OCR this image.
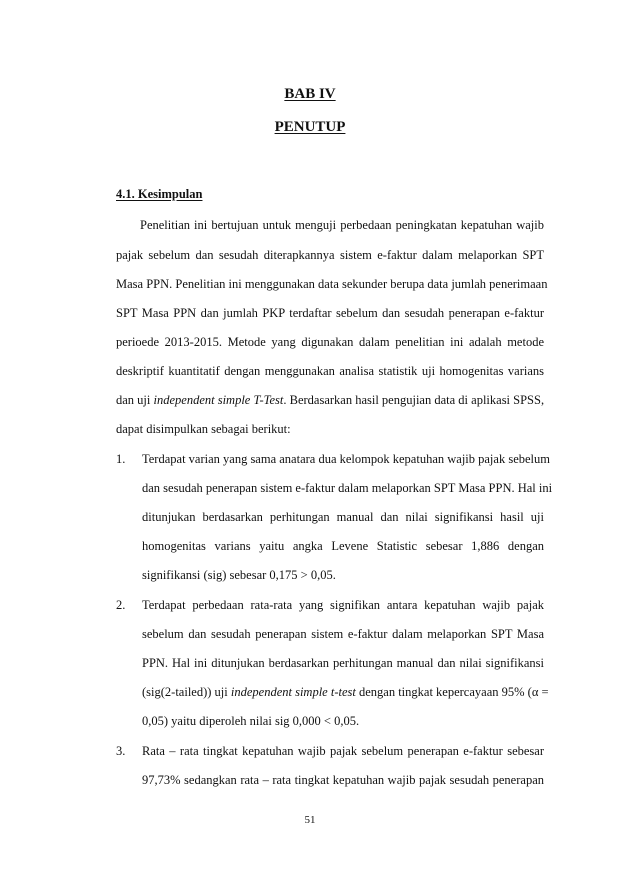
BAB IV
PENUTUP
4.1. Kesimpulan
Penelitian ini bertujuan untuk menguji perbedaan peningkatan kepatuhan wajib
pajak sebelum dan sesudah diterapkannya sistem e-faktur dalam melaporkan SPT
Masa PPN. Penelitian ini menggunakan data sekunder berupa data jumlah penerimaan
SPT Masa PPN dan jumlah PKP terdaftar sebelum dan sesudah penerapan e-faktur
perioede 2013-2015. Metode yang digunakan dalam penelitian ini adalah metode
deskriptif kuantitatif dengan menggunakan analisa statistik uji homogenitas varians
dan uji independent simple T-Test. Berdasarkan hasil pengujian data di aplikasi SPSS,
dapat disimpulkan sebagai berikut:
1. Terdapat varian yang sama anatara dua kelompok kepatuhan wajib pajak sebelum
dan sesudah penerapan sistem e-faktur dalam melaporkan SPT Masa PPN. Hal ini
ditunjukan berdasarkan perhitungan manual dan nilai signifikansi hasil uji
homogenitas varians yaitu angka Levene Statistic sebesar 1,886 dengan
signifikansi (sig) sebesar 0,175 > 0,05.
2. Terdapat perbedaan rata-rata yang signifikan antara kepatuhan wajib pajak
sebelum dan sesudah penerapan sistem e-faktur dalam melaporkan SPT Masa
PPN. Hal ini ditunjukan berdasarkan perhitungan manual dan nilai signifikansi
(sig(2-tailed)) uji independent simple t-test dengan tingkat kepercayaan 95% (α =
0,05) yaitu diperoleh nilai sig 0,000 < 0,05.
3. Rata – rata tingkat kepatuhan wajib pajak sebelum penerapan e-faktur sebesar
97,73% sedangkan rata – rata tingkat kepatuhan wajib pajak sesudah penerapan
51
